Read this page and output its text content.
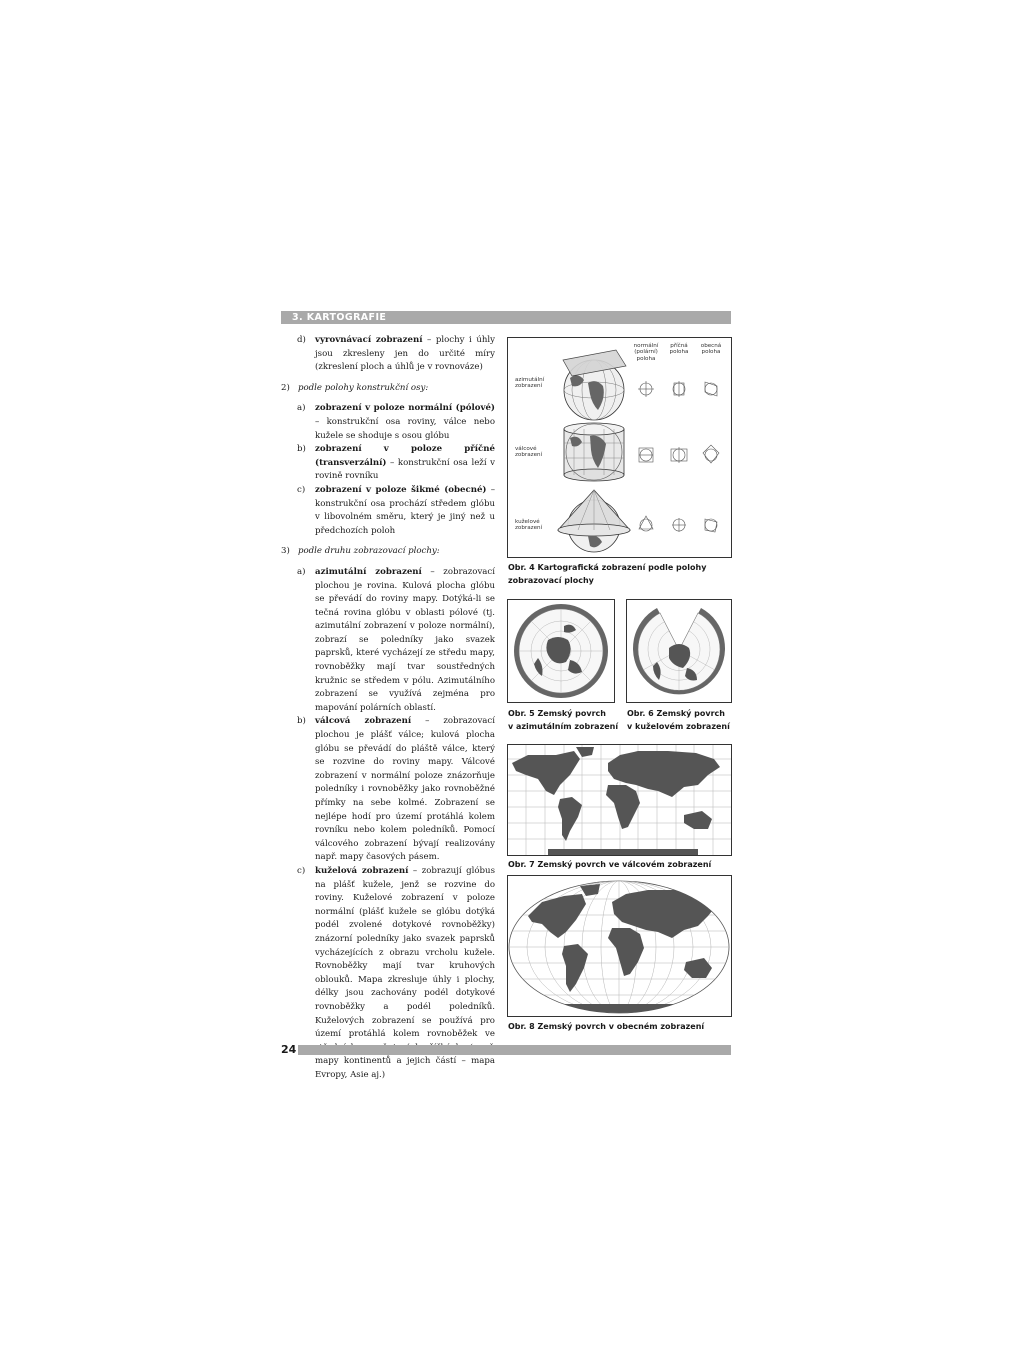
3. KARTOGRAFIE
d) vyrovnávací zobrazení – plochy i úhly jsou zkresleny jen do určité míry (zkreslení ploch a úhlů je v rovnováze)
2) podle polohy konstrukční osy:
a) zobrazení v poloze normální (pólové) – konstrukční osa roviny, válce nebo kužele se shoduje s osou glóbu
b) zobrazení v poloze příčné (transverzální) – konstrukční osa leží v rovině rovníku
c) zobrazení v poloze šikmé (obecné) – konstrukční osa prochází středem glóbu v libovolném směru, který je jiný než u předchozích poloh
3) podle druhu zobrazovací plochy:
a) azimutální zobrazení – zobrazovací plochou je rovina. Kulová plocha glóbu se převádí do roviny mapy. Dotýká-li se tečná rovina glóbu v oblasti pólové (tj. azimutální zobrazení v poloze normální), zobrazí se poledníky jako svazek paprsků, které vycházejí ze středu mapy, rovnoběžky mají tvar soustředných kružnic se středem v pólu. Azimutálního zobrazení se využívá zejména pro mapování polárních oblastí.
b) válcová zobrazení – zobrazovací plochou je plášť válce; kulová plocha glóbu se převádí do pláště válce, který se rozvine do roviny mapy. Válcové zobrazení v normální poloze znázorňuje poledníky i rovnoběžky jako rovnoběžné přímky na sebe kolmé. Zobrazení se nejlépe hodí pro území protáhlá kolem rovníku nebo kolem poledníků. Pomocí válcového zobrazení bývají realizovány např. mapy časových pásem.
c) kuželová zobrazení – zobrazují glóbus na plášť kužele, jenž se rozvine do roviny. Kuželové zobrazení v poloze normální (plášť kužele se glóbu dotýká podél zvolené dotykové rovnoběžky) znázorní poledníky jako svazek paprsků vycházejících z obrazu vrcholu kužele. Rovnoběžky mají tvar kruhových oblouků. Mapa zkresluje úhly i plochy, délky jsou zachovány podél dotykové rovnoběžky a podél poledníků. Kuželových zobrazení se používá pro území protáhlá kolem rovnoběžek ve mapy kontinentů a jejich částí – mapa Evropy, Asie aj.)
normální
(polární)
poloha
příčná
poloha
obecná
poloha
azimutální
zobrazení
válcové
zobrazení
kuželové
zobrazení
Obr. 4 Kartografická zobrazení podle polohy
zobrazovací plochy
Obr. 5 Zemský povrch
v azimutálním zobrazení
Obr. 6 Zemský povrch
v kuželovém zobrazení
Obr. 7 Zemský povrch ve válcovém zobrazení
Obr. 8 Zemský povrch v obecném zobrazení
24
